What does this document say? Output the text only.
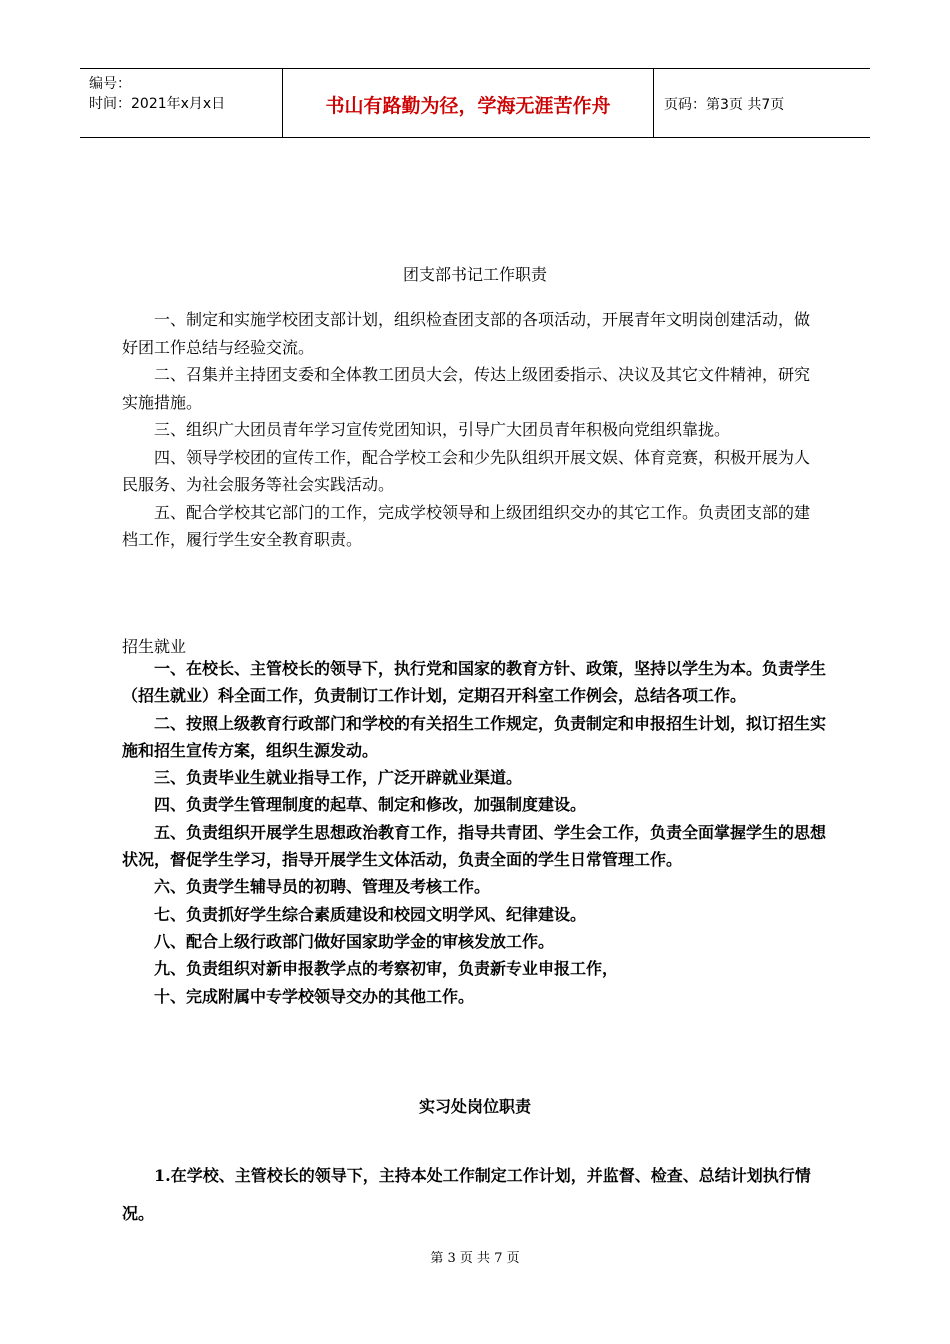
编号：
时间：2021年x月x日	书山有路勤为径，学海无涯苦作舟	页码：第3页 共7页
团支部书记工作职责

一、制定和实施学校团支部计划，组织检查团支部的各项活动，开展青年文明岗创建活动，做好团工作总结与经验交流。

二、召集并主持团支委和全体教工团员大会，传达上级团委指示、决议及其它文件精神，研究实施措施。

三、组织广大团员青年学习宣传党团知识，引导广大团员青年积极向党组织靠拢。

四、领导学校团的宣传工作，配合学校工会和少先队组织开展文娱、体育竞赛，积极开展为人民服务、为社会服务等社会实践活动。

五、配合学校其它部门的工作，完成学校领导和上级团组织交办的其它工作。负责团支部的建档工作，履行学生安全教育职责。

招生就业

一、在校长、主管校长的领导下，执行党和国家的教育方针、政策，坚持以学生为本。负责学生（招生就业）科全面工作，负责制订工作计划，定期召开科室工作例会，总结各项工作。

二、按照上级教育行政部门和学校的有关招生工作规定，负责制定和申报招生计划，拟订招生实施和招生宣传方案，组织生源发动。

三、负责毕业生就业指导工作，广泛开辟就业渠道。

四、负责学生管理制度的起草、制定和修改，加强制度建设。

五、负责组织开展学生思想政治教育工作，指导共青团、学生会工作，负责全面掌握学生的思想状况，督促学生学习，指导开展学生文体活动，负责全面的学生日常管理工作。

六、负责学生辅导员的初聘、管理及考核工作。

七、负责抓好学生综合素质建设和校园文明学风、纪律建设。

八、配合上级行政部门做好国家助学金的审核发放工作。

九、负责组织对新申报教学点的考察初审，负责新专业申报工作，

十、完成附属中专学校领导交办的其他工作。

实习处岗位职责

1.在学校、主管校长的领导下，主持本处工作制定工作计划，并监督、检查、总结计划执行情况。

第 3 页 共 7 页
